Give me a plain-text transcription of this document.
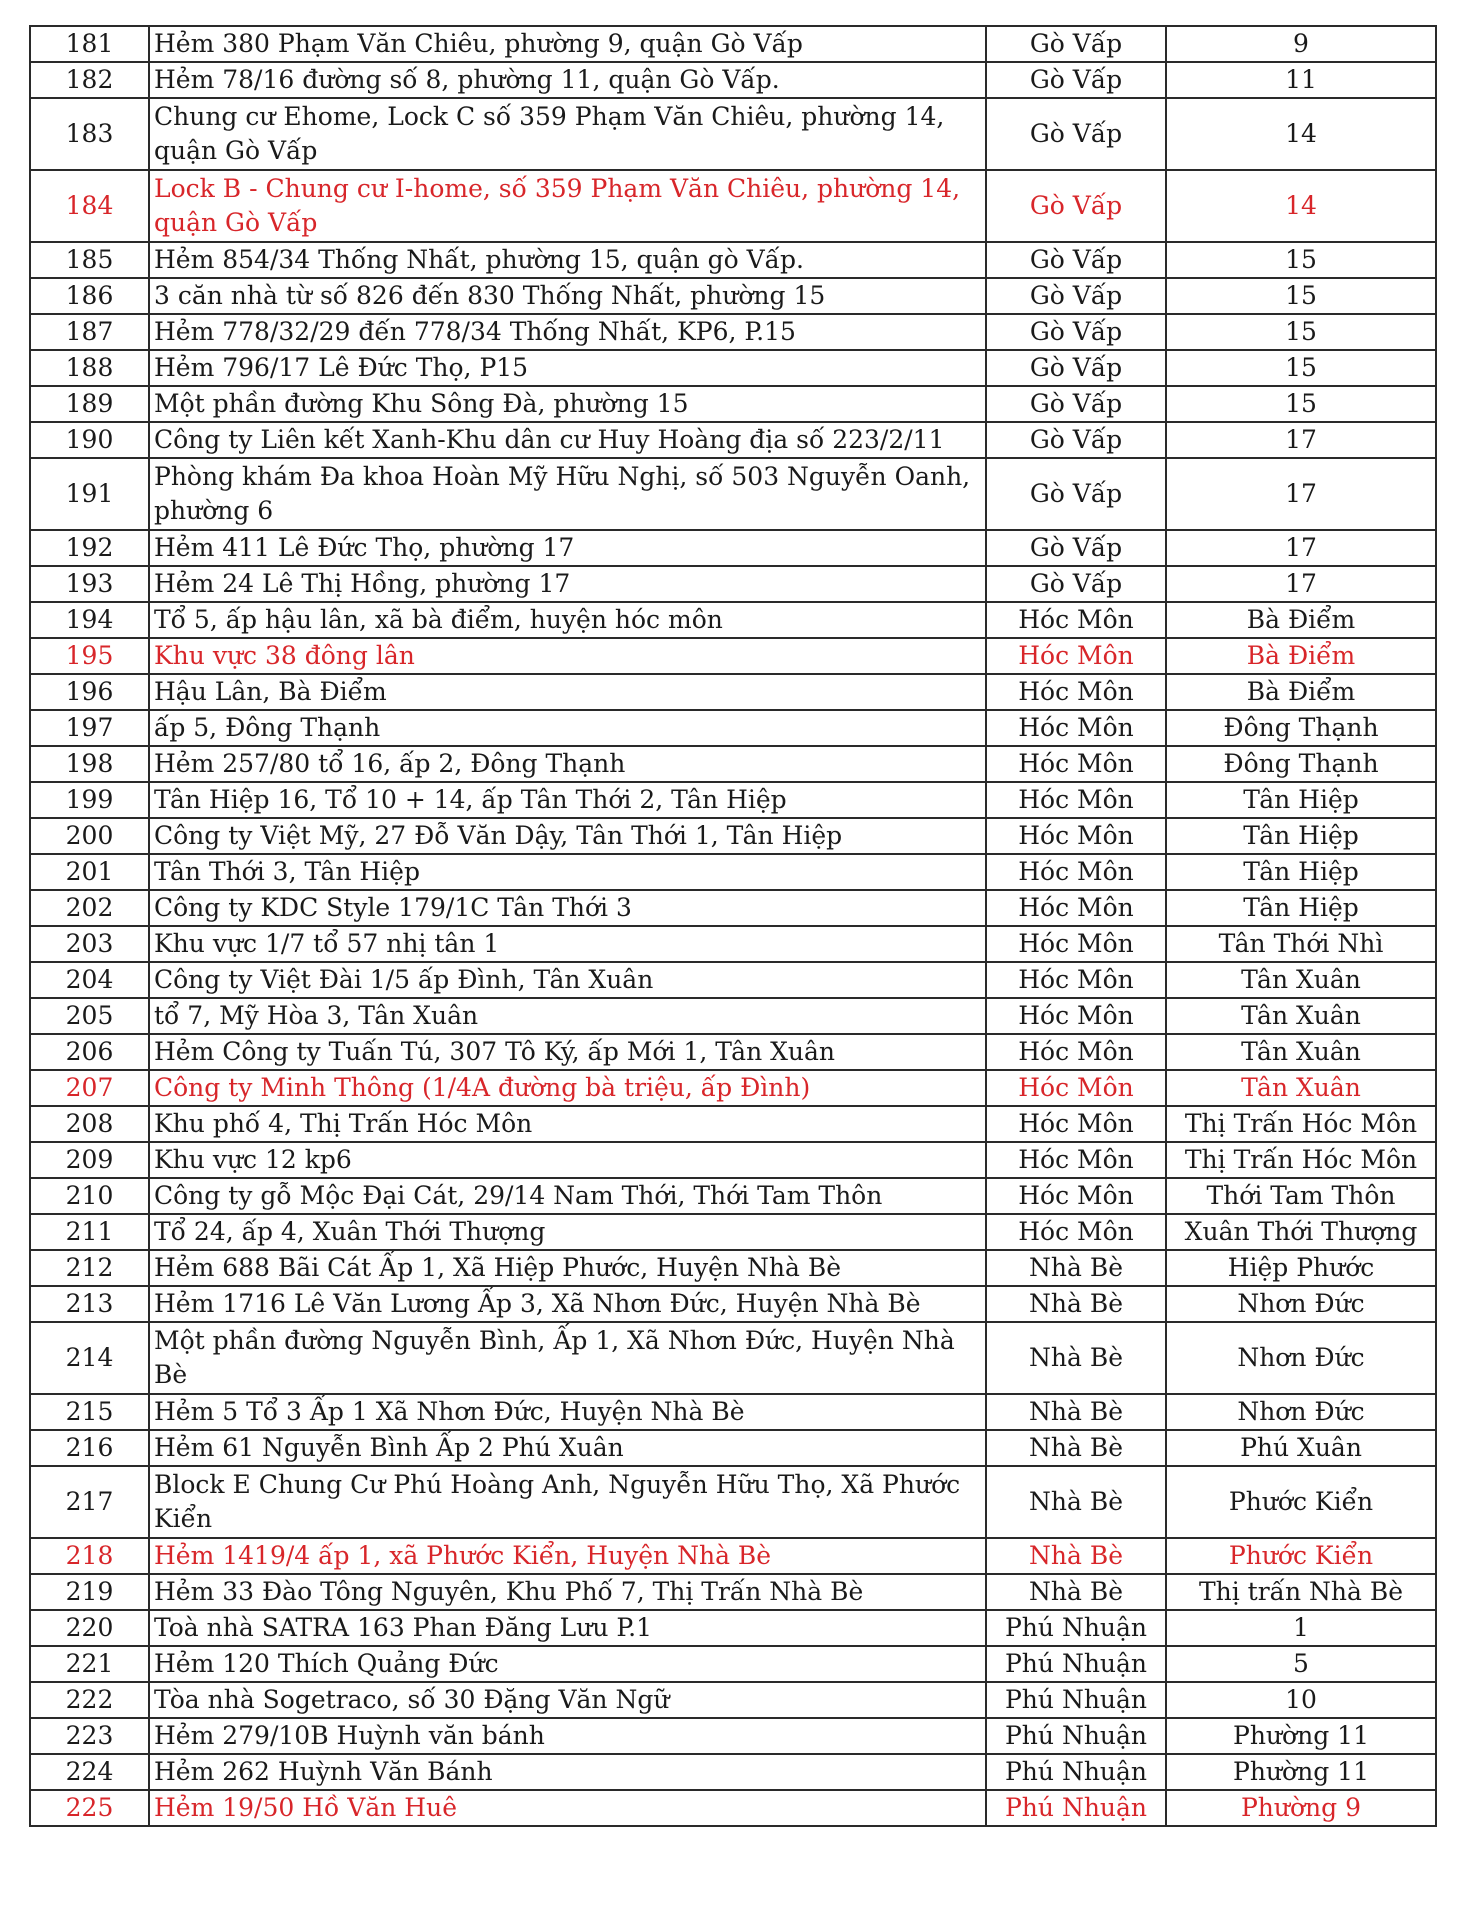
181	Hẻm 380 Phạm Văn Chiêu, phường 9, quận Gò Vấp	Gò Vấp	9
182	Hẻm 78/16 đường số 8, phường 11, quận Gò Vấp.	Gò Vấp	11
183	Chung cư Ehome, Lock C số 359 Phạm Văn Chiêu, phường 14, quận Gò Vấp	Gò Vấp	14
184	Lock B - Chung cư I-home, số 359 Phạm Văn Chiêu, phường 14, quận Gò Vấp	Gò Vấp	14
185	Hẻm 854/34 Thống Nhất, phường 15, quận gò Vấp.	Gò Vấp	15
186	3 căn nhà từ số 826 đến 830 Thống Nhất, phường 15	Gò Vấp	15
187	Hẻm 778/32/29 đến 778/34 Thống Nhất, KP6, P.15	Gò Vấp	15
188	Hẻm 796/17 Lê Đức Thọ, P15	Gò Vấp	15
189	Một phần đường Khu Sông Đà, phường 15	Gò Vấp	15
190	Công ty Liên kết Xanh-Khu dân cư Huy Hoàng địa số 223/2/11	Gò Vấp	17
191	Phòng khám Đa khoa Hoàn Mỹ Hữu Nghị, số 503 Nguyễn Oanh, phường 6	Gò Vấp	17
192	Hẻm 411 Lê Đức Thọ, phường 17	Gò Vấp	17
193	Hẻm 24 Lê Thị Hồng, phường 17	Gò Vấp	17
194	Tổ 5, ấp hậu lân, xã bà điểm, huyện hóc môn	Hóc Môn	Bà Điểm
195	Khu vực 38 đông lân	Hóc Môn	Bà Điểm
196	Hậu Lân, Bà Điểm	Hóc Môn	Bà Điểm
197	ấp 5, Đông Thạnh	Hóc Môn	Đông Thạnh
198	Hẻm 257/80 tổ 16, ấp 2, Đông Thạnh	Hóc Môn	Đông Thạnh
199	Tân Hiệp 16, Tổ 10 + 14, ấp Tân Thới 2, Tân Hiệp	Hóc Môn	Tân Hiệp
200	Công ty Việt Mỹ, 27 Đỗ Văn Dậy, Tân Thới 1, Tân Hiệp	Hóc Môn	Tân Hiệp
201	Tân Thới 3, Tân Hiệp	Hóc Môn	Tân Hiệp
202	Công ty KDC Style 179/1C Tân Thới 3	Hóc Môn	Tân Hiệp
203	Khu vực 1/7 tổ 57 nhị tân 1	Hóc Môn	Tân Thới Nhì
204	Công ty Việt Đài 1/5 ấp Đình, Tân Xuân	Hóc Môn	Tân Xuân
205	tổ 7, Mỹ Hòa 3, Tân Xuân	Hóc Môn	Tân Xuân
206	Hẻm Công ty Tuấn Tú, 307 Tô Ký, ấp Mới 1, Tân Xuân	Hóc Môn	Tân Xuân
207	Công ty Minh Thông (1/4A đường bà triệu, ấp Đình)	Hóc Môn	Tân Xuân
208	Khu phố 4, Thị Trấn Hóc Môn	Hóc Môn	Thị Trấn Hóc Môn
209	Khu vực 12 kp6	Hóc Môn	Thị Trấn Hóc Môn
210	Công ty gỗ Mộc Đại Cát, 29/14 Nam Thới, Thới Tam Thôn	Hóc Môn	Thới Tam Thôn
211	Tổ 24, ấp 4, Xuân Thới Thượng	Hóc Môn	Xuân Thới Thượng
212	Hẻm 688 Bãi Cát Ấp 1, Xã Hiệp Phước, Huyện Nhà Bè	Nhà Bè	Hiệp Phước
213	Hẻm 1716 Lê Văn Lương Ấp 3, Xã Nhơn Đức, Huyện Nhà Bè	Nhà Bè	Nhơn Đức
214	Một phần đường Nguyễn Bình, Ấp 1, Xã Nhơn Đức, Huyện Nhà Bè	Nhà Bè	Nhơn Đức
215	Hẻm 5 Tổ 3 Ấp 1 Xã Nhơn Đức, Huyện Nhà Bè	Nhà Bè	Nhơn Đức
216	Hẻm 61 Nguyễn Bình Ấp 2 Phú Xuân	Nhà Bè	Phú Xuân
217	Block E Chung Cư Phú Hoàng Anh, Nguyễn Hữu Thọ, Xã Phước Kiển	Nhà Bè	Phước Kiển
218	Hẻm 1419/4 ấp 1, xã Phước Kiển, Huyện Nhà Bè	Nhà Bè	Phước Kiển
219	Hẻm 33 Đào Tông Nguyên, Khu Phố 7, Thị Trấn Nhà Bè	Nhà Bè	Thị trấn Nhà Bè
220	Toà nhà SATRA 163 Phan Đăng Lưu P.1	Phú Nhuận	1
221	Hẻm 120 Thích Quảng Đức	Phú Nhuận	5
222	Tòa nhà Sogetraco, số 30 Đặng Văn Ngữ	Phú Nhuận	10
223	Hẻm 279/10B Huỳnh văn bánh	Phú Nhuận	Phường 11
224	Hẻm 262 Huỳnh Văn Bánh	Phú Nhuận	Phường 11
225	Hẻm 19/50 Hồ Văn Huê	Phú Nhuận	Phường 9
